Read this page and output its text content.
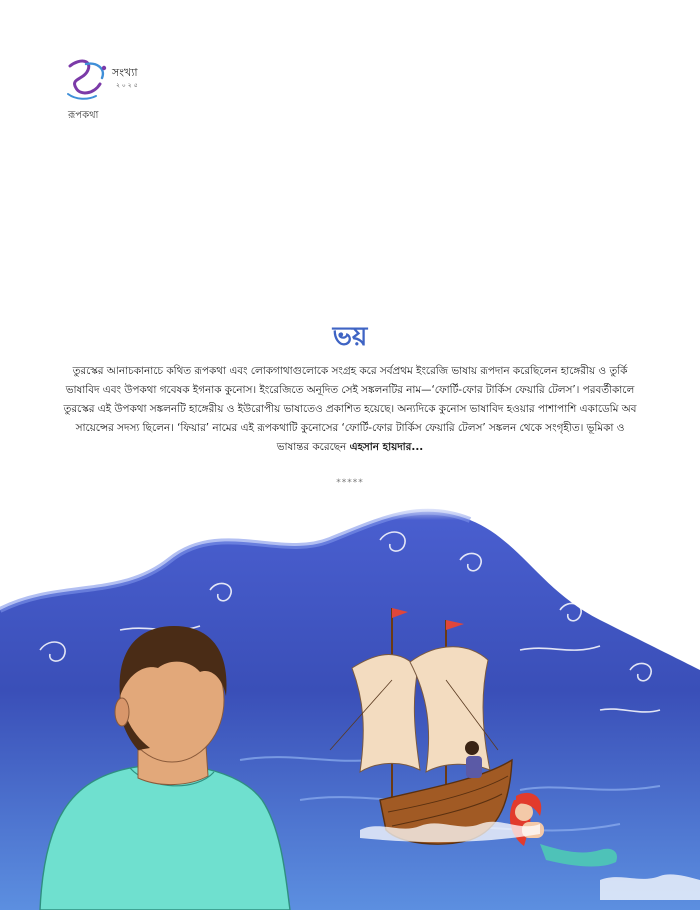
সংখ্যা
২০২৫
রূপকথা
ভয়
তুরস্কের আনাচকানাচে কথিত রূপকথা এবং লোকগাথাগুলোকে সংগ্রহ করে সর্বপ্রথম ইংরেজি ভাষায় রূপদান করেছিলেন হাঙ্গেরীয় ও তুর্কি ভাষাবিদ এবং উপকথা গবেষক ইগনাক কুনোস। ইংরেজিতে অনূদিত সেই সঙ্কলনটির নাম—‘ফোর্টি-ফোর টার্কিস ফেয়ারি টেলস’। পরবর্তীকালে তুরস্কের এই উপকথা সঙ্কলনটি হাঙ্গেরীয় ও ইউরোপীয় ভাষাতেও প্রকাশিত হয়েছে। অন্যদিকে কুনোস ভাষাবিদ হওয়ার পাশাপাশি একাডেমি অব সায়েন্সের সদস্য ছিলেন। ‘ফিয়ার’ নামের এই রূপকথাটি কুনোসের ‘ফোর্টি-ফোর টার্কিস ফেয়ারি টেলস’ সঙ্কলন থেকে সংগৃহীত। ভূমিকা ও ভাষান্তর করেছেন এহসান হায়দার...
*****
